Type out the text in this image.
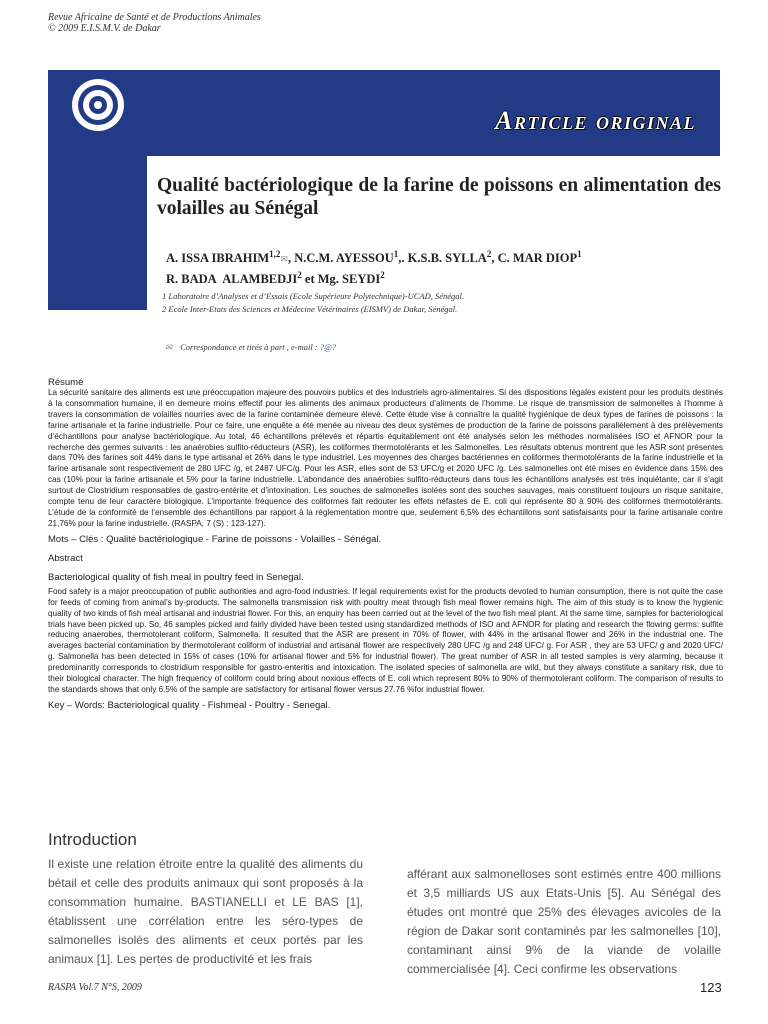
Revue Africaine de Santé et de Productions Animales
© 2009 E.I.S.M.V. de Dakar
Article original
Qualité bactériologique de la farine de poissons en alimentation des volailles au Sénégal
A. ISSA IBRAHIM$^{1,2}$✉, N.C.M. AYESSOU$^1$,. K.S.B. SYLLA$^2$, C. MAR DIOP$^1$
R. BADA  ALAMBEDJI$^2$ et Mg. SEYDI$^2$
1 Laboratoire d’Analyses et d’Essais (Ecole Supérieure Polytechnique)-UCAD, Sénégal.
2 Ecole Inter-Etats des Sciences et Médecine Vétérinaires (EISMV) de Dakar, Sénégal.
✉ Correspondance et tirés à part , e-mail : ?@?
Résumé

La sécurité sanitaire des aliments est une préoccupation majeure des pouvoirs publics et des industriels agro-alimentaires. Si des dispositions légales existent pour les produits destinés à la consommation humaine, il en demeure moins effectif pour les aliments des animaux producteurs d’aliments de l’homme. Le risque de transmission de salmonelles à l’homme à travers la consommation de volailles nourries avec de la farine contaminée demeure élevé. Cette étude vise à connaître la qualité hygiénique de deux types de farines de poissons : la farine artisanale et la farine industrielle. Pour ce faire, une enquête a été menée au niveau des deux systèmes de production de la farine de poissons parallèlement à des prélèvements d’échantillons pour analyse bactériologique. Au total, 46 échantillons prélevés et répartis équitablement ont été analysés selon les méthodes normalisées ISO et AFNOR pour la recherche des germes suivants : les anaérobies sulfito-réducteurs (ASR), les coliformes thermotolérants et les Salmonelles. Les résultats obtenus montrent que les ASR sont présentes dans 70% des farines soit 44% dans le type artisanal et 26% dans le type industriel. Les moyennes des charges bactériennes en coliformes thermotolérants de la farine industrielle et la farine artisanale sont respectivement de 280 UFC /g, et 2487 UFC/g. Pour les ASR, elles sont de 53 UFC/g et 2020 UFC /g. Les salmonelles ont été mises en évidence dans 15% des cas (10% pour la farine artisanale et 5% pour la farine industrielle. L’abondance des anaérobies sulfito-réducteurs dans tous les échantillons analysés est très inquiétante, car il s’agit surtout de Clostridium responsables de gastro-entérite et d’intoxination. Les souches de salmonelles isolées sont des souches sauvages, mais constituent toujours un risque sanitaire, compte tenu de leur caractère biologique. L’importante fréquence des coliformes fait redouter les effets néfastes de E. coli qui représente 80 à 90% des coliformes thermotolérants. L’étude de la conformité de l’ensemble des échantillons par rapport à la réglementation montre que, seulement 6,5% des échantillons sont satisfaisants pour la farine artisanale contre 21,76% pour la farine industrielle. (RASPA, 7 (S) : 123-127).

Mots – Clés : Qualité bactériologique - Farine de poissons - Volailles - Sénégal.
Abstract
Bacteriological quality of fish meal in poultry feed in Senegal.

Food safety is a major preoccupation of public authorities and agro-food industries. If legal requirements exist for the products devoted to human consumption, there is not quite the case for feeds of coming from animal’s by-products. The salmonella transmission risk with poultry meat through fish meal flower remains high. The aim of this study is to know the hygienic quality of two kinds of fish meal artisanal and industrial flower. For this, an enquiry has been carried out at the level of the two fish meal plant. At the same time, samples for bacteriological trials have been picked up. So, 46 samples picked and fairly divided have been tested using standardized methods of ISO and AFNOR for plating and research the flowing germs: sulfite reducing anaerobes, thermotolerant coliform, Salmonella. It resulted that the ASR are present in 70% of flower, with 44% in the artisanal flower and 26% in the industrial one. The averages bacterial contamination by thermotolerant coliform of industrial and artisanal flower are respectively 280 UFC /g and 248 UFC/ g. For ASR , they are 53 UFC/ g and 2020 UFC/ g. Salmonella has been detected in 15% of cases (10% for artisanal flower and 5% for industrial flower). The great number of ASR in all tested samples is very alarming, because it predominantly corresponds to clostridium responsible for gastro-enteritis and intoxication. The isolated species of salmonella are wild, but they always constitute a sanitary risk, due to their biological character. The high frequency of coliform could bring about noxious effects of E. coli which represent 80% to 90% of thermotolerant coliform. The comparison of results to the standards shows that only 6.5% of the sample are satisfactory for artisanal flower versus 27.76 %for industrial flower.

Key – Words: Bacteriological quality - Fishmeal - Poultry - Senegal.
Introduction
Il existe une relation étroite entre la qualité des aliments du bétail et celle des produits animaux qui sont proposés à la consommation humaine. BASTIANELLI et LE BAS [1], établissent une corrélation entre les séro-types de salmonelles isolés des aliments et ceux portés par les animaux [1]. Les pertes de productivité et les frais
afférant aux salmonelloses sont estimés entre 400 millions et 3,5 milliards US aux Etats-Unis [5]. Au Sénégal des études ont montré que 25% des élevages avicoles de la région de Dakar sont contaminés par les salmonelles [10], contaminant ainsi 9% de la viande de volaille commercialisée [4]. Ceci confirme les observations
RASPA Vol.7 N°S, 2009	123
